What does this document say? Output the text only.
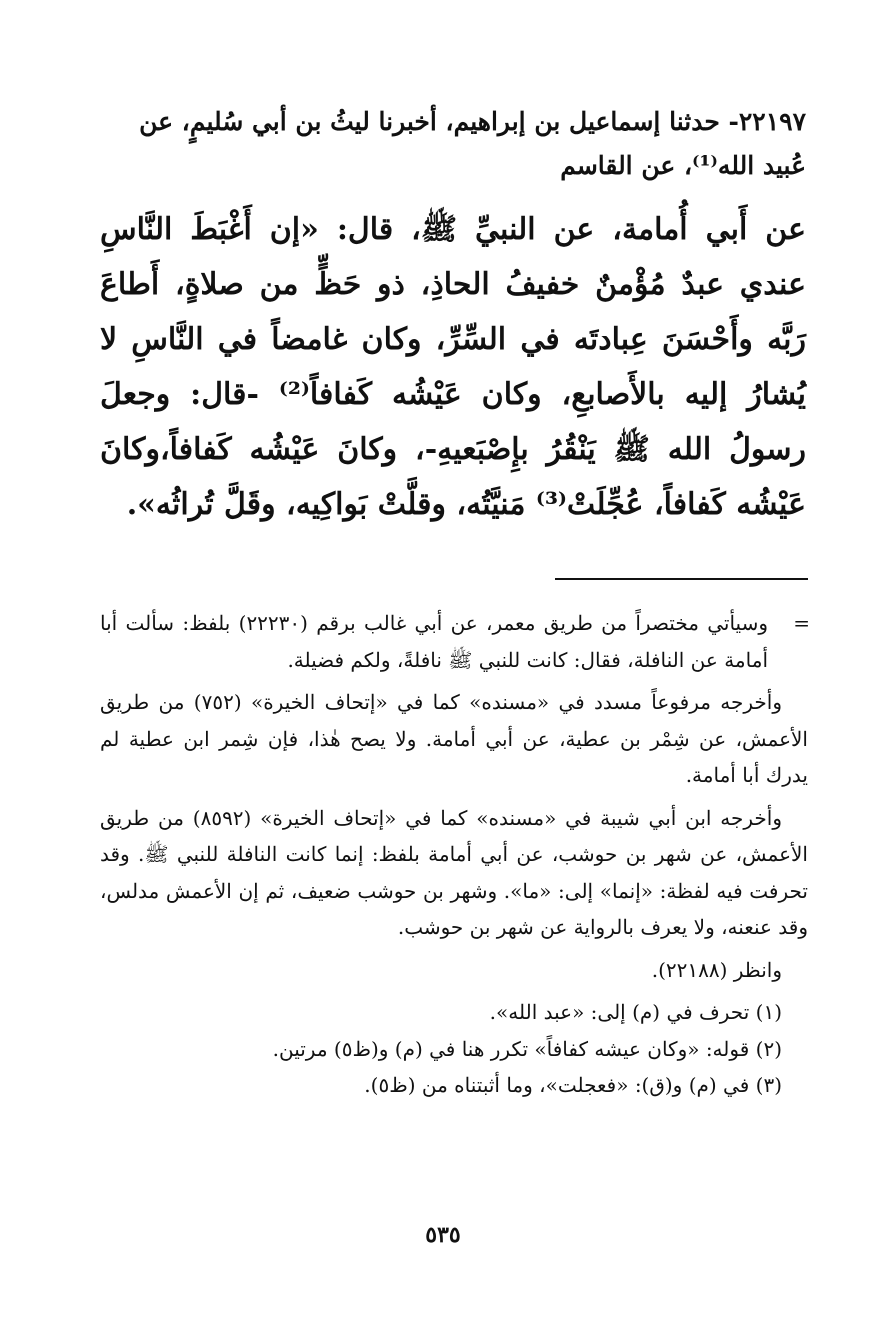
٢٢١٩٧- حدثنا إسماعيل بن إبراهيم، أخبرنا ليثُ بن أبي سُليمٍ، عن عُبيد الله⁽¹⁾، عن القاسم
عن أَبي أُمامة، عن النبيِّ ﷺ، قال: «إن أَغْبَطَ النَّاسِ عندي عبدٌ مُؤْمنٌ خفيفُ الحاذِ، ذو حَظٍّ من صلاةٍ، أَطاعَ رَبَّه وأَحْسَنَ عِبادتَه في السِّرِّ، وكان غامضاً في النَّاسِ لا يُشارُ إليه بالأَصابعِ، وكان عَيْشُه كَفافاً⁽²⁾ -قال: وجعلَ رسولُ الله ﷺ يَنْقُرُ بإِصْبَعيهِ-، وكانَ عَيْشُه كَفافاً،وكانَ عَيْشُه كَفافاً، عُجِّلَتْ⁽³⁾ مَنيَّتُه، وقلَّتْ بَواكِيه، وقَلَّ تُراثُه».

=
وسيأتي مختصراً من طريق معمر، عن أبي غالب برقم (٢٢٢٣٠) بلفظ: سألت أبا أمامة عن النافلة، فقال: كانت للنبي ﷺ نافلةً، ولكم فضيلة.

وأخرجه مرفوعاً مسدد في «مسنده» كما في «إتحاف الخيرة» (٧٥٢) من طريق الأعمش، عن شِمْر بن عطية، عن أبي أمامة. ولا يصح هٰذا، فإن شِمر ابن عطية لم يدرك أبا أمامة.

وأخرجه ابن أبي شيبة في «مسنده» كما في «إتحاف الخيرة» (٨٥٩٢) من طريق الأعمش، عن شهر بن حوشب، عن أبي أمامة بلفظ: إنما كانت النافلة للنبي ﷺ. وقد تحرفت فيه لفظة: «إنما» إلى: «ما». وشهر بن حوشب ضعيف، ثم إن الأعمش مدلس، وقد عنعنه، ولا يعرف بالرواية عن شهر بن حوشب.

وانظر (٢٢١٨٨).

(١) تحرف في (م) إلى: «عبد الله».

(٢) قوله: «وكان عيشه كفافاً» تكرر هنا في (م) و(ظ٥) مرتين.

(٣) في (م) و(ق): «فعجلت»، وما أثبتناه من (ظ٥).

٥٣٥
